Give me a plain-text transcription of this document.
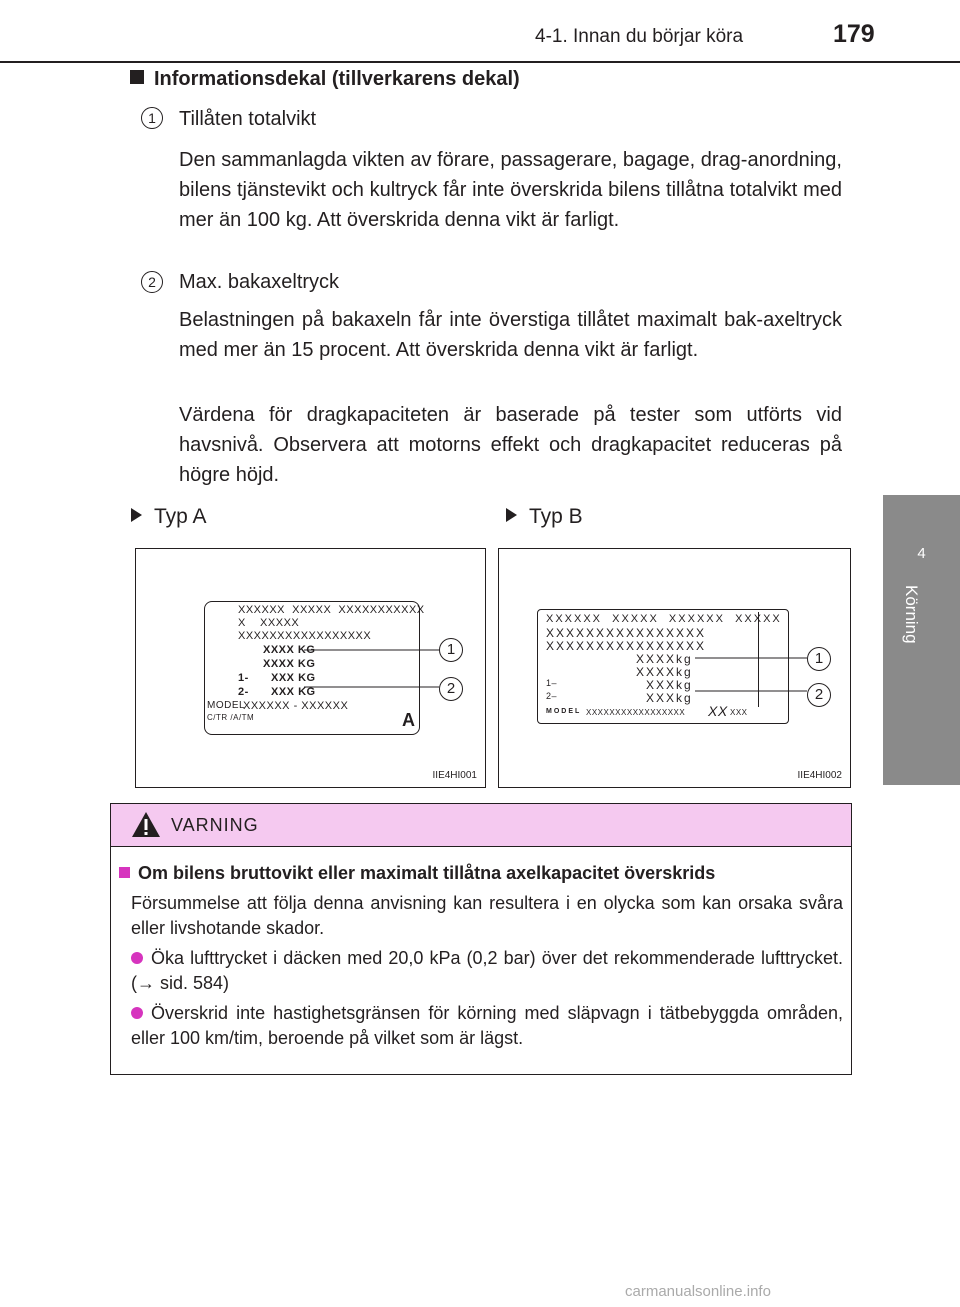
4-1. Innan du börjar köra	179
4
Körning
Informationsdekal (tillverkarens dekal)
1	Tillåten totalvikt
Den sammanlagda vikten av förare, passagerare, bagage, drag-anordning, bilens tjänstevikt och kultryck får inte överskrida bilens tillåtna totalvikt med mer än 100 kg. Att överskrida denna vikt är farligt.
2	Max. bakaxeltryck
Belastningen på bakaxeln får inte överstiga tillåtet maximalt bak-axeltryck med mer än 15 procent. Att överskrida denna vikt är farligt.
Värdena för dragkapaciteten är baserade på tester som utförts vid havsnivå. Observera att motorns effekt och dragkapacitet reduceras på högre höjd.
Typ A	Typ B
XXXXXX  XXXXX  XXXXXXXXXXX
X    XXXXX
XXXXXXXXXXXXXXXXX
XXXX KG
XXXX KG
1- XXX KG
2- XXX KG
MODEL
XXXXXX - XXXXXX
C/TR /A/TM	A
1
2
IIE4HI001
XXXXXX  XXXXX  XXXXXX  XXXXX
XXXXXXXXXXXXXXXX
XXXXXXXXXXXXXXXX
XXXXkg
XXXXkg
1–	XXXkg
2–	XXXkg
MODEL XXXXXXXXXXXXXXXXX XX XXX
1
2
IIE4HI002
VARNING
Om bilens bruttovikt eller maximalt tillåtna axelkapacitet överskrids
Försummelse att följa denna anvisning kan resultera i en olycka som kan orsaka svåra eller livshotande skador.
Öka lufttrycket i däcken med 20,0 kPa (0,2 bar) över det rekommenderade lufttrycket. (→ sid. 584)
Överskrid inte hastighetsgränsen för körning med släpvagn i tätbebyggda områden, eller 100 km/tim, beroende på vilket som är lägst.
carmanualsonline.info
